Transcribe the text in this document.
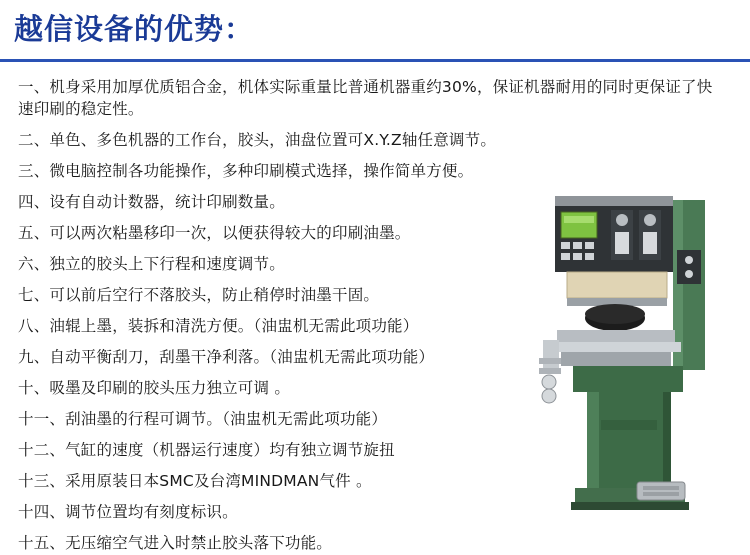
越信设备的优势：
一、机身采用加厚优质铝合金，机体实际重量比普通机器重约30%，保证机器耐用的同时更保证了快速印刷的稳定性。
二、单色、多色机器的工作台，胶头，油盘位置可X.Y.Z轴任意调节。
三、微电脑控制各功能操作，多种印刷模式选择，操作简单方便。
四、设有自动计数器，统计印刷数量。
五、可以两次粘墨移印一次，以便获得较大的印刷油墨。
六、独立的胶头上下行程和速度调节。
七、可以前后空行不落胶头，防止稍停时油墨干固。
八、油辊上墨，装拆和清洗方便。（油盅机无需此项功能）
九、自动平衡刮刀，刮墨干净利落。（油盅机无需此项功能）
十、吸墨及印刷的胶头压力独立可调 。
十一、刮油墨的行程可调节。（油盅机无需此项功能）
十二、气缸的速度（机器运行速度）均有独立调节旋扭
十三、采用原装日本SMC及台湾MINDMAN气件 。
十四、调节位置均有刻度标识。
十五、无压缩空气进入时禁止胶头落下功能。
